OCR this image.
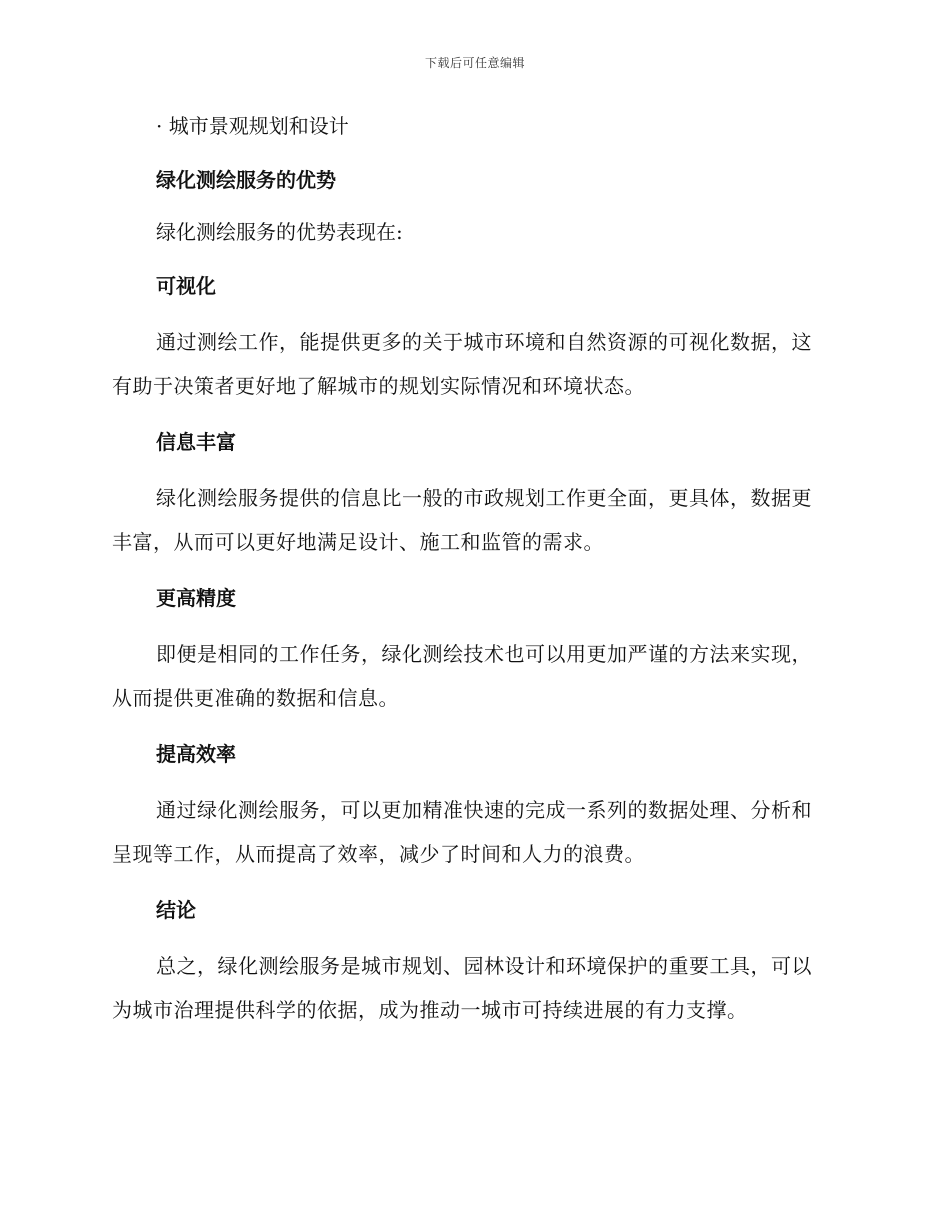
下载后可任意编辑
· 城市景观规划和设计
绿化测绘服务的优势
绿化测绘服务的优势表现在:
可视化
通过测绘工作，能提供更多的关于城市环境和自然资源的可视化数据，这有助于决策者更好地了解城市的规划实际情况和环境状态。
信息丰富
绿化测绘服务提供的信息比一般的市政规划工作更全面，更具体，数据更丰富，从而可以更好地满足设计、施工和监管的需求。
更高精度
即便是相同的工作任务，绿化测绘技术也可以用更加严谨的方法来实现，从而提供更准确的数据和信息。
提高效率
通过绿化测绘服务，可以更加精准快速的完成一系列的数据处理、分析和呈现等工作，从而提高了效率，减少了时间和人力的浪费。
结论
总之，绿化测绘服务是城市规划、园林设计和环境保护的重要工具，可以为城市治理提供科学的依据，成为推动一城市可持续进展的有力支撑。
